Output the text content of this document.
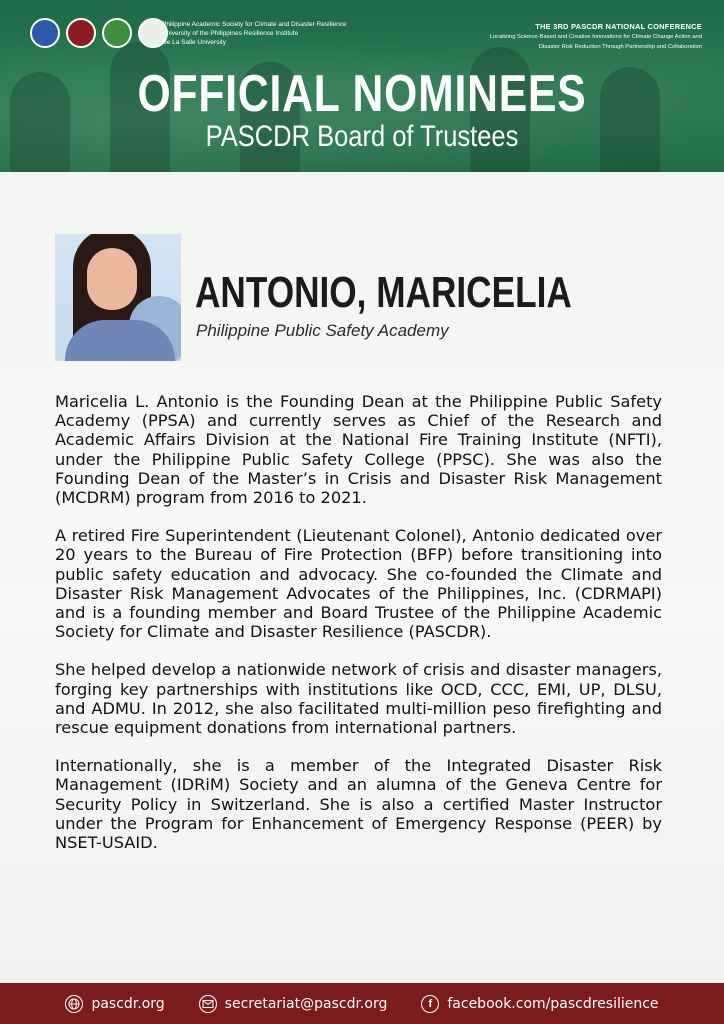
Philippine Academic Society for Climate and Disaster Resilience
University of the Philippines Resilience Institute
De La Salle University
THE 3RD PASCDR NATIONAL CONFERENCE
Localizing Science-Based and Creative Innovations for Climate Change Action and
Disaster Risk Reduction Through Partnership and Collaboration
OFFICIAL NOMINEES
PASCDR Board of Trustees
ANTONIO, MARICELIA
Philippine Public Safety Academy

Maricelia L. Antonio is the Founding Dean at the Philippine Public Safety Academy (PPSA) and currently serves as Chief of the Research and Academic Affairs Division at the National Fire Training Institute (NFTI), under the Philippine Public Safety College (PPSC). She was also the Founding Dean of the Master’s in Crisis and Disaster Risk Management (MCDRM) program from 2016 to 2021.

A retired Fire Superintendent (Lieutenant Colonel), Antonio dedicated over 20 years to the Bureau of Fire Protection (BFP) before transitioning into public safety education and advocacy. She co-founded the Climate and Disaster Risk Management Advocates of the Philippines, Inc. (CDRMAPI) and is a founding member and Board Trustee of the Philippine Academic Society for Climate and Disaster Resilience (PASCDR).

She helped develop a nationwide network of crisis and disaster managers, forging key partnerships with institutions like OCD, CCC, EMI, UP, DLSU, and ADMU. In 2012, she also facilitated multi-million peso firefighting and rescue equipment donations from international partners.

Internationally, she is a member of the Integrated Disaster Risk Management (IDRiM) Society and an alumna of the Geneva Centre for Security Policy in Switzerland. She is also a certified Master Instructor under the Program for Enhancement of Emergency Response (PEER) by NSET-USAID.

pascdr.org	secretariat@pascdr.org	f	facebook.com/pascdresilience
